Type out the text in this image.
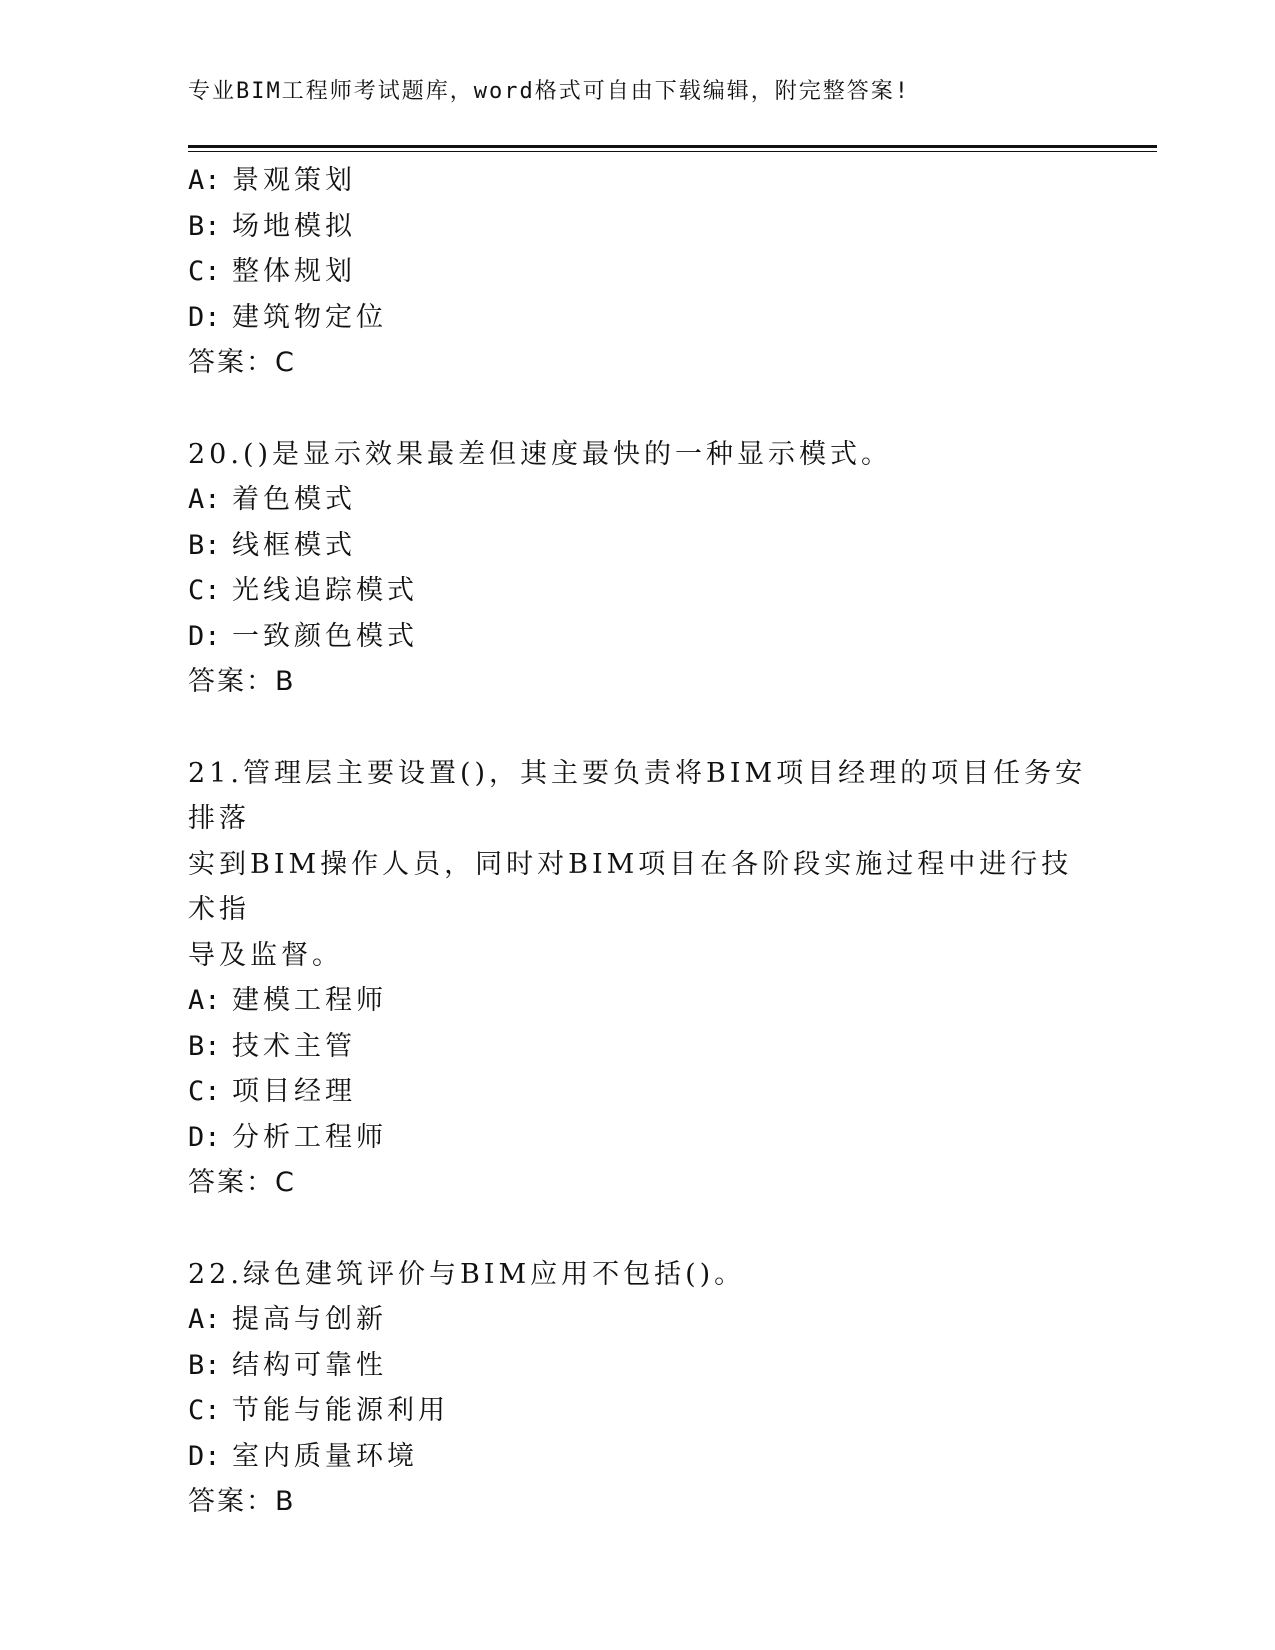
专业BIM工程师考试题库，word格式可自由下载编辑，附完整答案!
A: 景观策划
B: 场地模拟
C: 整体规划
D: 建筑物定位
答案：C
20.()是显示效果最差但速度最快的一种显示模式。
A: 着色模式
B: 线框模式
C: 光线追踪模式
D: 一致颜色模式
答案：B
21.管理层主要设置()，其主要负责将BIM项目经理的项目任务安排落
实到BIM操作人员，同时对BIM项目在各阶段实施过程中进行技术指
导及监督。
A: 建模工程师
B: 技术主管
C: 项目经理
D: 分析工程师
答案：C
22.绿色建筑评价与BIM应用不包括()。
A: 提高与创新
B: 结构可靠性
C: 节能与能源利用
D: 室内质量环境
答案：B
